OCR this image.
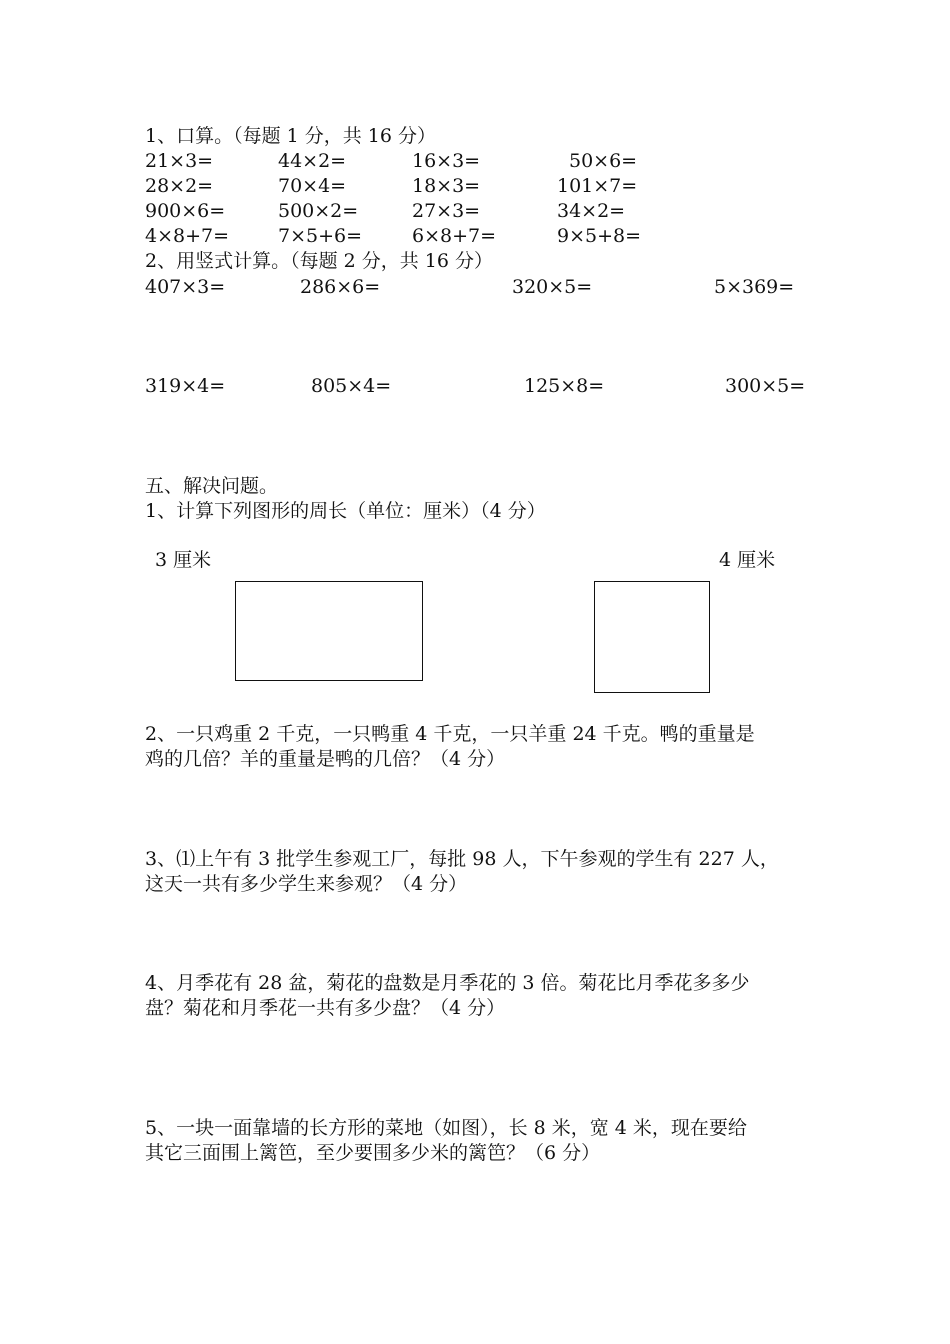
1、口算。（每题 1 分，共 16 分）
21×3=	44×2=	16×3=	50×6=
28×2=	70×4=	18×3=	101×7=
900×6=	500×2=	27×3=	34×2=
4×8+7=	7×5+6=	6×8+7=	9×5+8=
2、用竖式计算。（每题 2 分，共 16 分）
407×3=	286×6=	320×5=	5×369=
319×4=	805×4=	125×8=	300×5=
五、解决问题。
1、计算下列图形的周长（单位：厘米）（4 分）
3 厘米	4 厘米
2、一只鸡重 2 千克，一只鸭重 4 千克，一只羊重 24 千克。鸭的重量是
鸡的几倍？羊的重量是鸭的几倍？（4 分）
3、⑴上午有 3 批学生参观工厂，每批 98 人，下午参观的学生有 227 人，
这天一共有多少学生来参观？（4 分）
4、月季花有 28 盆，菊花的盘数是月季花的 3 倍。菊花比月季花多多少
盘？菊花和月季花一共有多少盘？（4 分）
5、一块一面靠墙的长方形的菜地（如图），长 8 米，宽 4 米，现在要给
其它三面围上篱笆，至少要围多少米的篱笆？（6 分）
